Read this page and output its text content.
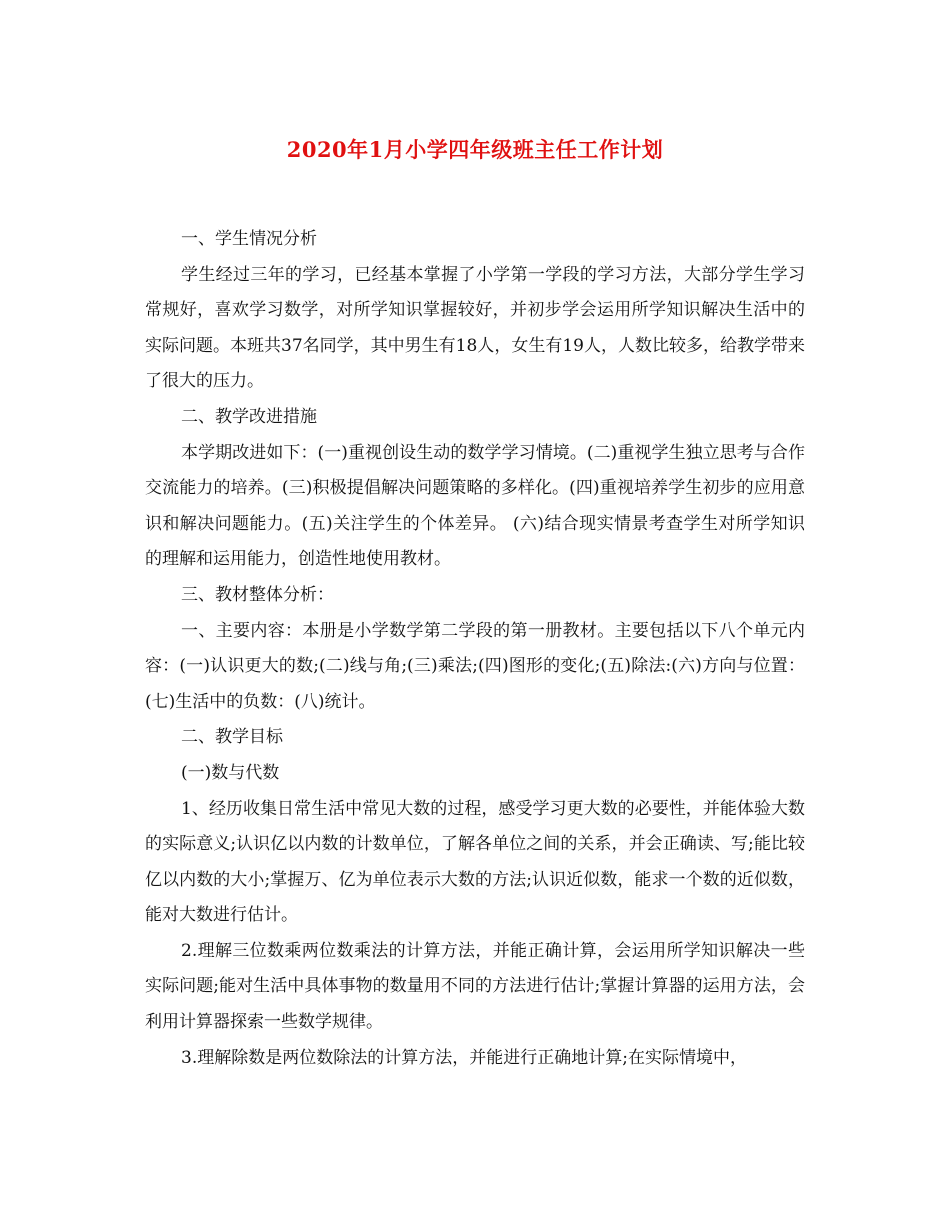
2020年1月小学四年级班主任工作计划

一、学生情况分析

学生经过三年的学习，已经基本掌握了小学第一学段的学习方法，大部分学生学习常规好，喜欢学习数学，对所学知识掌握较好，并初步学会运用所学知识解决生活中的实际问题。本班共37名同学，其中男生有18人，女生有19人，人数比较多，给教学带来了很大的压力。

二、教学改进措施

本学期改进如下：(一)重视创设生动的数学学习情境。(二)重视学生独立思考与合作交流能力的培养。(三)积极提倡解决问题策略的多样化。(四)重视培养学生初步的应用意识和解决问题能力。(五)关注学生的个体差异。 (六)结合现实情景考查学生对所学知识的理解和运用能力，创造性地使用教材。

三、教材整体分析：

一、主要内容：本册是小学数学第二学段的第一册教材。主要包括以下八个单元内容：(一)认识更大的数;(二)线与角;(三)乘法;(四)图形的变化;(五)除法:(六)方向与位置：(七)生活中的负数：(八)统计。

二、教学目标

(一)数与代数

1、经历收集日常生活中常见大数的过程，感受学习更大数的必要性，并能体验大数的实际意义;认识亿以内数的计数单位，了解各单位之间的关系，并会正确读、写;能比较亿以内数的大小;掌握万、亿为单位表示大数的方法;认识近似数，能求一个数的近似数，能对大数进行估计。

2.理解三位数乘两位数乘法的计算方法，并能正确计算，会运用所学知识解决一些实际问题;能对生活中具体事物的数量用不同的方法进行估计;掌握计算器的运用方法，会利用计算器探索一些数学规律。

3.理解除数是两位数除法的计算方法，并能进行正确地计算;在实际情境中，
